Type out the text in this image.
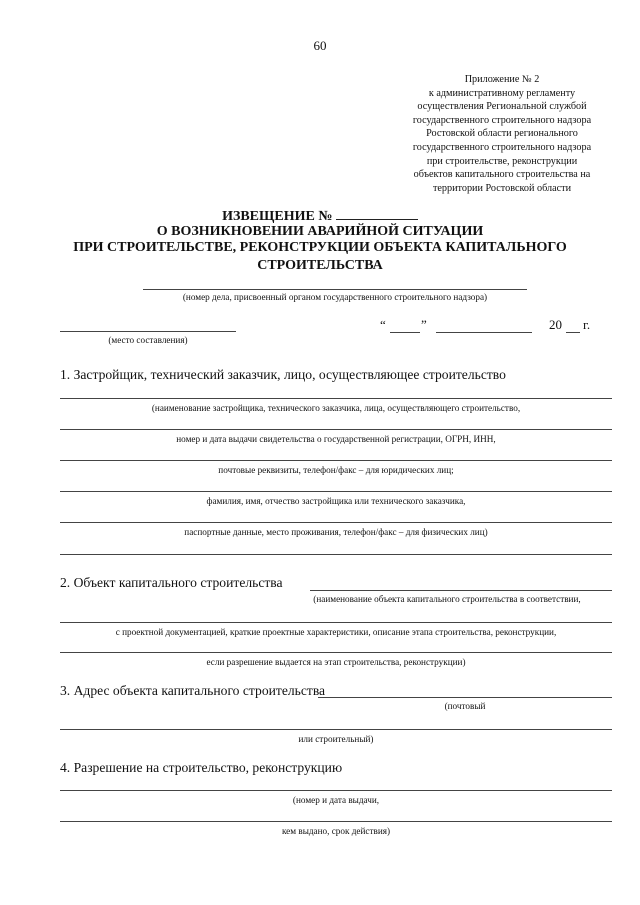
60
Приложение № 2
к административному регламенту
осуществления Региональной службой
государственного строительного надзора
Ростовской области регионального
государственного строительного надзора
при строительстве, реконструкции
объектов капитального строительства на
территории Ростовской области
ИЗВЕЩЕНИЕ №
О ВОЗНИКНОВЕНИИ АВАРИЙНОЙ СИТУАЦИИ
ПРИ СТРОИТЕЛЬСТВЕ, РЕКОНСТРУКЦИИ ОБЪЕКТА КАПИТАЛЬНОГО
СТРОИТЕЛЬСТВА
(номер дела, присвоенный органом государственного строительного надзора)
(место составления)
“	”	20 г.
1. Застройщик, технический заказчик, лицо, осуществляющее строительство
(наименование застройщика, технического заказчика, лица, осуществляющего строительство,
номер и дата выдачи свидетельства о государственной регистрации, ОГРН, ИНН,
почтовые реквизиты, телефон/факс – для юридических лиц;
фамилия, имя, отчество застройщика или технического заказчика,
паспортные данные, место проживания, телефон/факс – для физических лиц)
2. Объект капитального строительства
(наименование объекта капитального строительства в соответствии,
с проектной документацией, краткие проектные характеристики, описание этапа строительства, реконструкции,
если разрешение выдается на этап строительства, реконструкции)
3. Адрес объекта капитального строительства
(почтовый
или строительный)
4. Разрешение на строительство, реконструкцию
(номер и дата выдачи,
кем выдано, срок действия)
